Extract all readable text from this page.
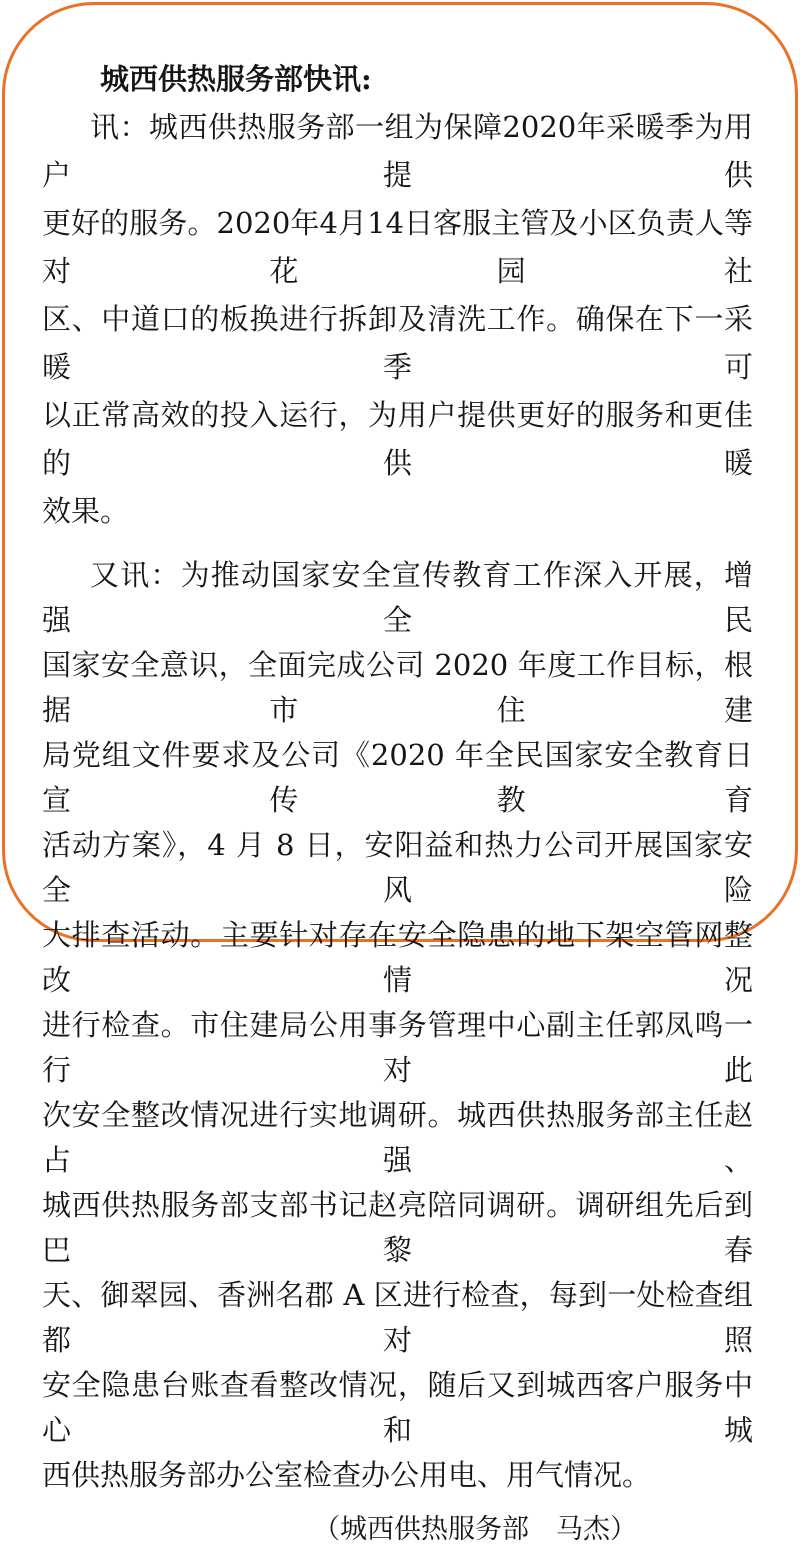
城西供热服务部快讯:
讯：城西供热服务部一组为保障2020年采暖季为用户提供
更好的服务。2020年4月14日客服主管及小区负责人等对花园社
区、中道口的板换进行拆卸及清洗工作。确保在下一采暖季可
以正常高效的投入运行，为用户提供更好的服务和更佳的供暖
效果。
又讯：为推动国家安全宣传教育工作深入开展，增强全民
国家安全意识，全面完成公司 2020 年度工作目标，根据市住建
局党组文件要求及公司《2020 年全民国家安全教育日宣传教育
活动方案》，4 月 8 日，安阳益和热力公司开展国家安全风险
大排查活动。主要针对存在安全隐患的地下架空管网整改情况
进行检查。市住建局公用事务管理中心副主任郭凤鸣一行对此
次安全整改情况进行实地调研。城西供热服务部主任赵占强、
城西供热服务部支部书记赵亮陪同调研。调研组先后到巴黎春
天、御翠园、香洲名郡 A 区进行检查，每到一处检查组都对照
安全隐患台账查看整改情况，随后又到城西客户服务中心和城
西供热服务部办公室检查办公用电、用气情况。
（城西供热服务部　马杰）
